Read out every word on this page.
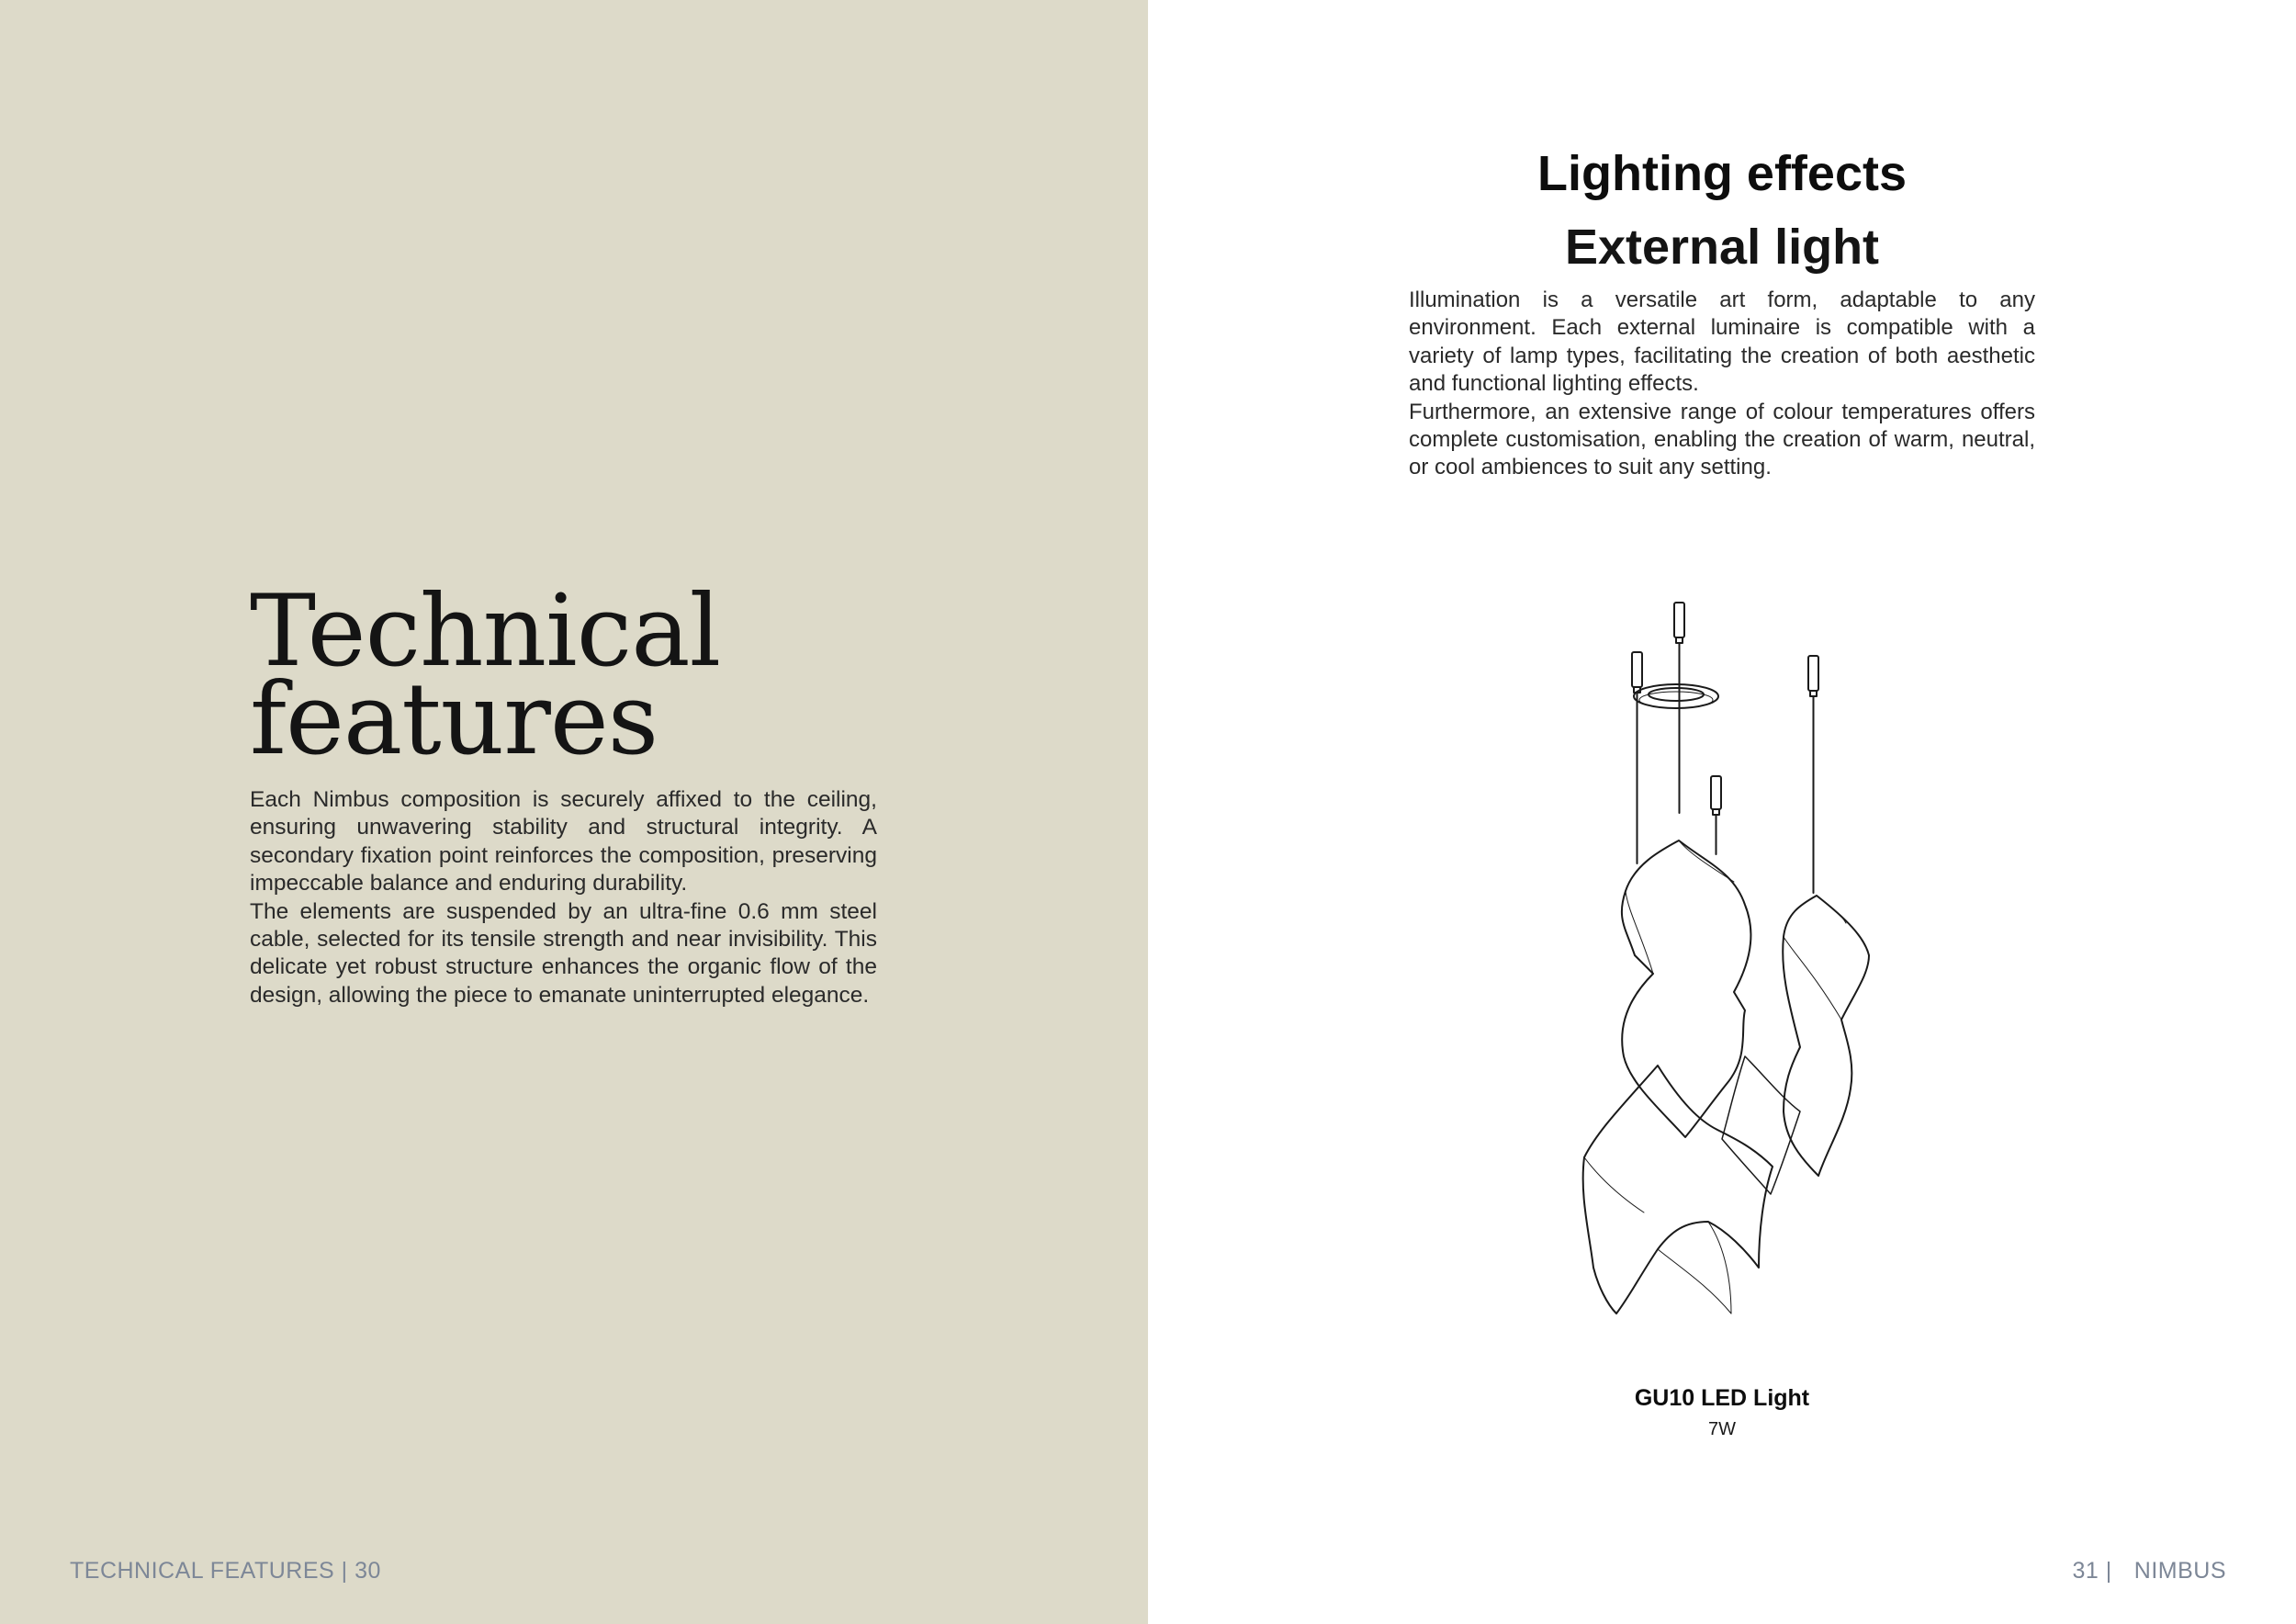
Technical
features

Each Nimbus composition is securely affixed to the ceiling, ensuring unwavering stability and structural integrity. A secondary fixation point reinforces the composition, preserving impeccable balance and enduring durability.

The elements are suspended by an ultra-fine 0.6 mm steel cable, selected for its tensile strength and near invisibility. This delicate yet robust structure enhances the organic flow of the design, allowing the piece to emanate uninterrupted elegance.

TECHNICAL FEATURES | 30
Lighting effects
External light

Illumination is a versatile art form, adaptable to any environment. Each external luminaire is compatible with a variety of lamp types, facilitating the creation of both aesthetic and functional lighting effects.

Furthermore, an extensive range of colour temperatures offers complete customisation, enabling the creation of warm, neutral, or cool ambiences to suit any setting.

GU10 LED Light
7W
31 | NIMBUS
